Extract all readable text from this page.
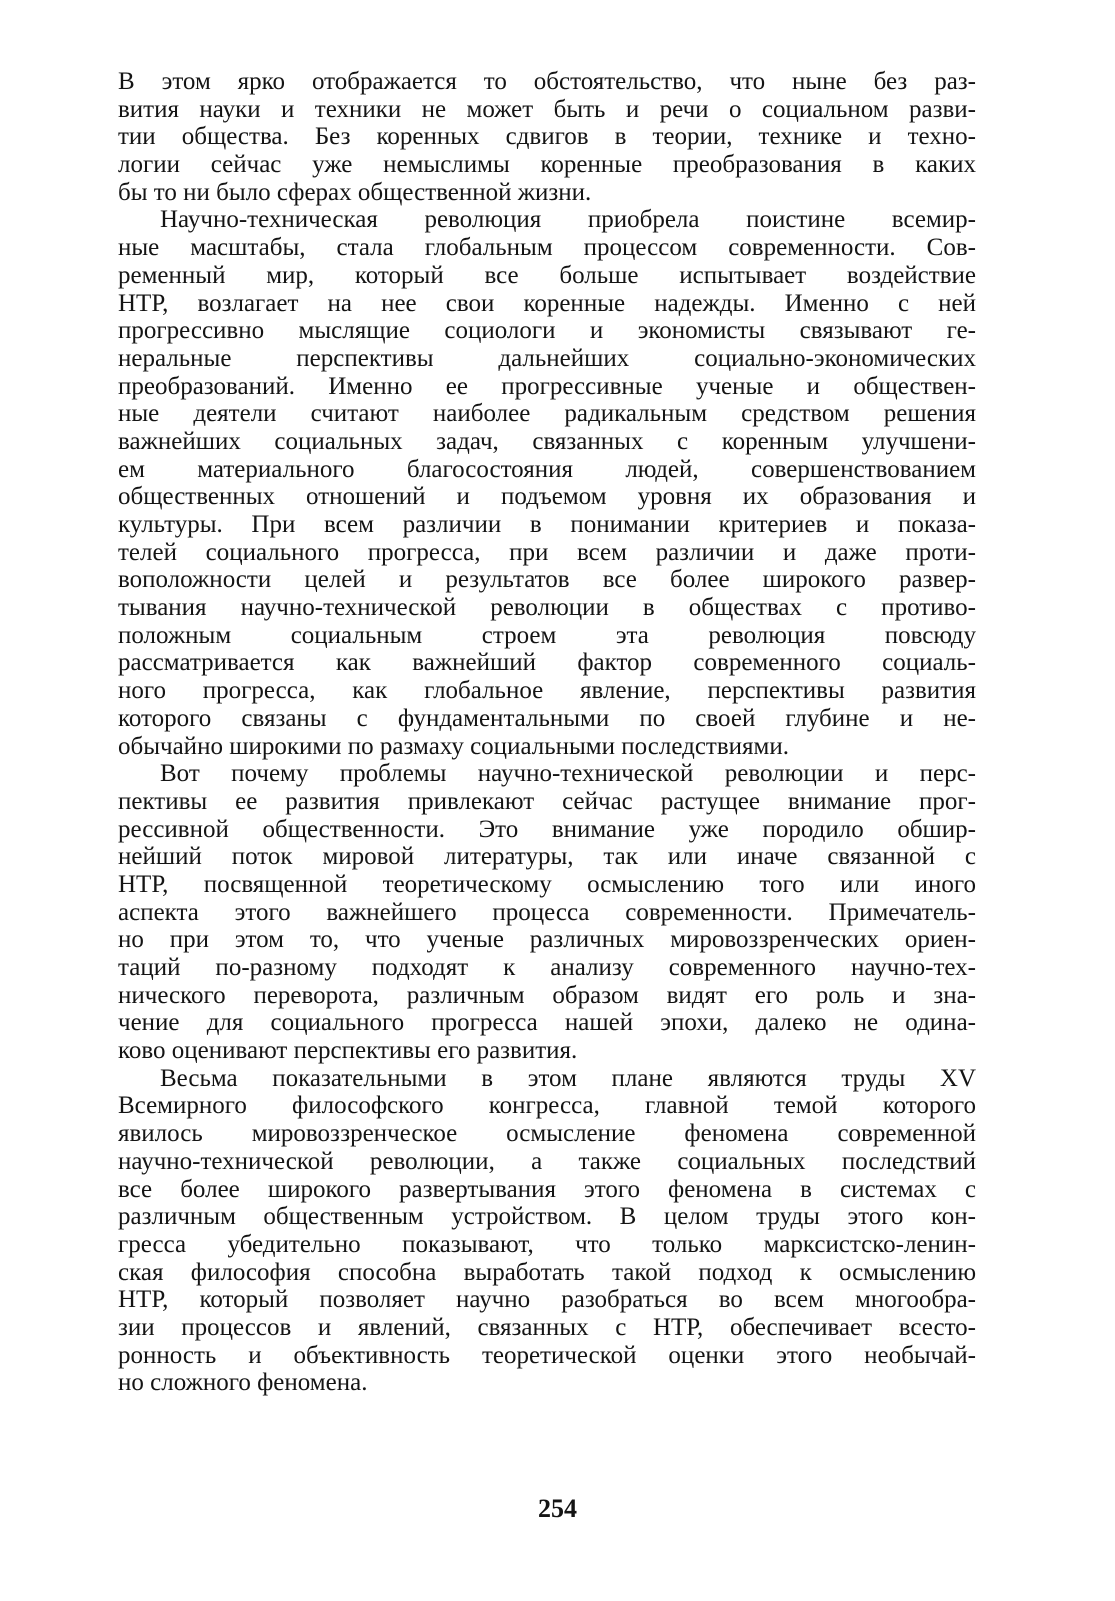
В этом ярко отображается то обстоятельство, что ныне без раз-
вития науки и техники не может быть и речи о социальном разви-
тии общества. Без коренных сдвигов в теории, технике и техно-
логии сейчас уже немыслимы коренные преобразования в каких
бы то ни было сферах общественной жизни.
Научно-техническая революция приобрела поистине всемир-
ные масштабы, стала глобальным процессом современности. Сов-
ременный мир, который все больше испытывает воздействие
НТР, возлагает на нее свои коренные надежды. Именно с ней
прогрессивно мыслящие социологи и экономисты связывают ге-
неральные перспективы дальнейших социально-экономических
преобразований. Именно ее прогрессивные ученые и обществен-
ные деятели считают наиболее радикальным средством решения
важнейших социальных задач, связанных с коренным улучшени-
ем материального благосостояния людей, совершенствованием
общественных отношений и подъемом уровня их образования и
культуры. При всем различии в понимании критериев и показа-
телей социального прогресса, при всем различии и даже проти-
воположности целей и результатов все более широкого развер-
тывания научно-технической революции в обществах с противо-
положным социальным строем эта революция повсюду
рассматривается как важнейший фактор современного социаль-
ного прогресса, как глобальное явление, перспективы развития
которого связаны с фундаментальными по своей глубине и не-
обычайно широкими по размаху социальными последствиями.
Вот почему проблемы научно-технической революции и перс-
пективы ее развития привлекают сейчас растущее внимание прог-
рессивной общественности. Это внимание уже породило обшир-
нейший поток мировой литературы, так или иначе связанной с
НТР, посвященной теоретическому осмыслению того или иного
аспекта этого важнейшего процесса современности. Примечатель-
но при этом то, что ученые различных мировоззренческих ориен-
таций по-разному подходят к анализу современного научно-тех-
нического переворота, различным образом видят его роль и зна-
чение для социального прогресса нашей эпохи, далеко не одина-
ково оценивают перспективы его развития.
Весьма показательными в этом плане являются труды XV
Всемирного философского конгресса, главной темой которого
явилось мировоззренческое осмысление феномена современной
научно-технической революции, а также социальных последствий
все более широкого развертывания этого феномена в системах с
различным общественным устройством. В целом труды этого кон-
гресса убедительно показывают, что только марксистско-ленин-
ская философия способна выработать такой подход к осмыслению
НТР, который позволяет научно разобраться во всем многообра-
зии процессов и явлений, связанных с НТР, обеспечивает всесто-
ронность и объективность теоретической оценки этого необычай-
но сложного феномена.
254
